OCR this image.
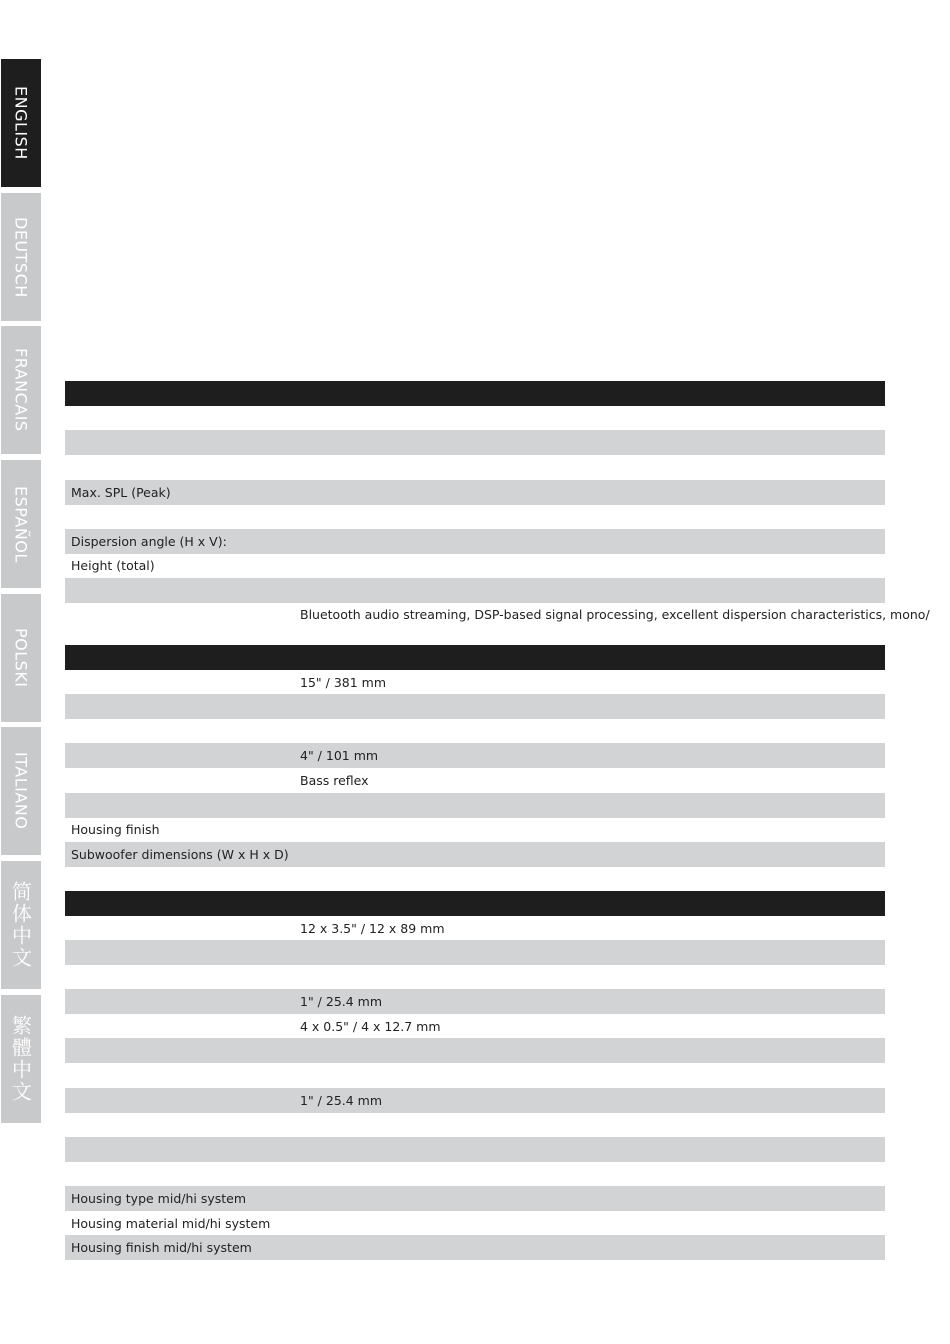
ENGLISH
DEUTSCH
FRANCAIS
ESPAÑOL
POLSKI
ITALIANO
简体中文
繁體中文
Max. SPL (Peak)
Dispersion angle (H x V):
Height (total)
Bluetooth audio streaming, DSP-based signal processing, excellent dispersion characteristics, mono/
15" / 381 mm
4" / 101 mm
Bass reflex
Housing finish
Subwoofer dimensions (W x H x D)
12 x 3.5" / 12 x 89 mm
1" / 25.4 mm
4 x 0.5" / 4 x 12.7 mm
1" / 25.4 mm
Housing type mid/hi system
Housing material mid/hi system
Housing finish mid/hi system
